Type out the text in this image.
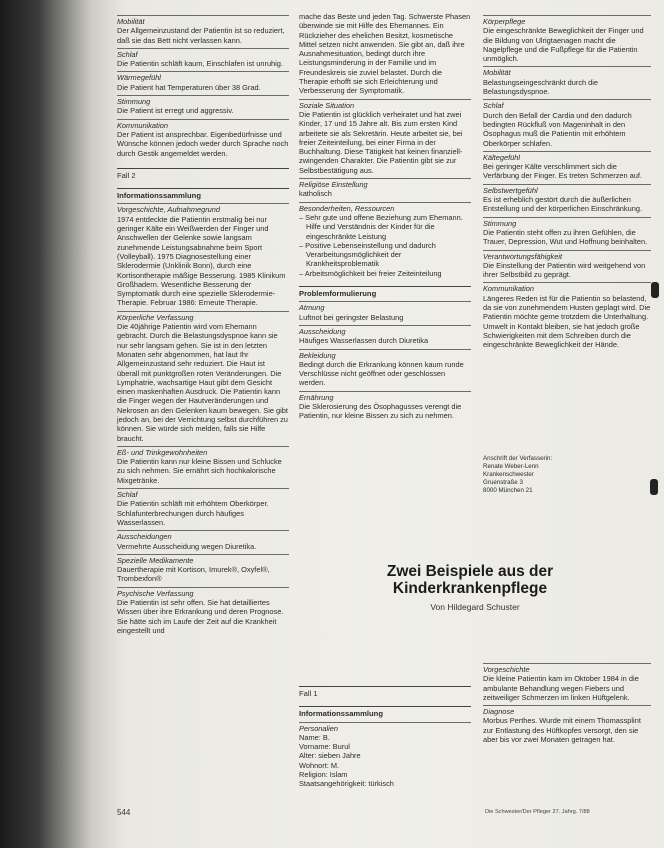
Mobilität

Der Allgemeinzustand der Patientin ist so reduziert, daß sie das Bett nicht verlassen kann.

Schlaf

Die Patientin schläft kaum, Einschlafen ist unruhig.

Wärmegefühl

Die Patient hat Temperaturen über 38 Grad.

Stimmung

Die Patient ist erregt und aggressiv.

Kommunikation

Der Patient ist ansprechbar. Eigenbedürfnisse und Wünsche können jedoch weder durch Sprache noch durch Gestik angemeldet werden.

Fall 2
Informationssammlung
Vorgeschichte, Aufnahmegrund

1974 entdeckte die Patientin erstmalig bei nur geringer Kälte ein Weißwerden der Finger und Anschwellen der Gelenke sowie langsam zunehmende Leistungsabnahme beim Sport (Volleyball). 1975 Diagnosestellung einer Sklerodermie (Unklinik Bonn), durch eine Kortisontherapie mäßige Besserung. 1985 Klinikum Großhadern. Wesentliche Besserung der Symptomatik durch eine spezielle Sklerodermie-Therapie. Februar 1986: Erneute Therapie.

Körperliche Verfassung

Die 40jährige Patientin wird vom Ehemann gebracht. Durch die Belastungsdyspnoe kann sie nur sehr langsam gehen. Sie ist in den letzten Monaten sehr abgenommen, hat laut Ihr Allgemeinzustand sehr reduziert. Die Haut ist überall mit punktgroßen roten Veränderungen. Die Lymphatrie, wachsartige Haut gibt dem Gesicht einen maskenhaften Ausdruck. Die Patientin kann die Finger wegen der Hautveränderungen und Nekrosen an den Gelenken kaum bewegen. Sie gibt jedoch an, bei der Verrichtung selbst durchführen zu können. Sie würde sich melden, falls sie Hilfe braucht.

Eß- und Trinkgewohnheiten

Die Patientin kann nur kleine Bissen und Schlucke zu sich nehmen. Sie ernährt sich hochkalorische Mixgetränke.

Schlaf

Die Patientin schläft mit erhöhtem Oberkörper. Schlafunterbrechungen durch häufiges Wasserlassen.

Ausscheidungen

Vermehrte Ausscheidung wegen Diuretika.

Spezielle Medikamente

Dauertherapie mit Kortison, Imurek®, Oxyfel®, Trombexfon®

Psychische Verfassung

Die Patientin ist sehr offen. Sie hat detailliertes Wissen über ihre Erkrankung und deren Prognose. Sie hätte sich im Laufe der Zeit auf die Krankheit eingestellt und

mache das Beste und jeden Tag. Schwerste Phasen überwinde sie mit Hilfe des Ehemannes. Ein Rückzieher des ehelichen Besitzt, kosmetische Mittel setzen nicht anwenden. Sie gibt an, daß ihre Ausnahmesituation, bedingt durch ihre Leistungsminderung in der Familie und im Freundeskreis sie zuviel belastet. Durch die Therapie erhofft sie sich Erleichterung und Verbesserung der Symptomatik.

Soziale Situation

Die Patientin ist glücklich verheiratet und hat zwei Kinder, 17 und 15 Jahre alt. Bis zum ersten Kind arbeitete sie als Sekretärin. Heute arbeitet sie, bei freier Zeiteinteilung, bei einer Firma in der Buchhaltung. Diese Tätigkeit hat keinen finanziell-zwingenden Charakter. Die Patientin gibt sie zur Selbstbestätigung aus.

Religiöse Einstellung

katholisch

Besonderheiten, Ressourcen
– Sehr gute und offene Beziehung zum Ehemann. Hilfe und Verständnis der Kinder für die eingeschränkte Leistung
– Positive Lebenseinstellung und dadurch Verarbeitungsmöglichkeit der Krankheitsproblematik
– Arbeitsmöglichkeit bei freier Zeiteinteilung
Problemformulierung
Atmung

Luftnot bei geringster Belastung

Ausscheidung

Häufiges Wasserlassen durch Diuretika

Bekleidung

Bedingt durch die Erkrankung können kaum runde Verschlüsse nicht geöffnet oder geschlossen werden.

Ernährung

Die Sklerosierung des Ösophagusses verengt die Patientin, nur kleine Bissen zu sich zu nehmen.

Körperpflege

Die eingeschränkte Beweglichkeit der Finger und die Bildung von Ulrigtaenagen macht die Nagelpflege und die Fußpflege für die Patientin unmöglich.

Mobilität

Belastungseingeschränkt durch die Belastungsdyspnoe.

Schlaf

Durch den Befall der Cardia und den dadurch bedingten Rückfluß von Mageninhalt in den Ösophagus muß die Patientin mit erhöhtem Oberkörper schlafen.

Kältegefühl

Bei geringer Kälte verschlimmert sich die Verfärbung der Finger. Es treten Schmerzen auf.

Selbstwertgefühl

Es ist erheblich gestört durch die äußerlichen Entstellung und der körperlichen Einschränkung.

Stimmung

Die Patientin steht offen zu ihren Gefühlen, die Trauer, Depression, Wut und Hoffnung beinhalten.

Verantwortungsfähigkeit

Die Einstellung der Patientin wird weitgehend von ihrer Selbstbild zu geprägt.

Kommunikation

Längeres Reden ist für die Patientin so belastend, da sie von zunehmendem Husten geplagt wird. Die Patientin möchte gerne trotzdem die Unterhaltung. Umwelt in Kontakt bleiben, sie hat jedoch große Schwierigkeiten mit dem Schreiben durch die eingeschränkte Beweglichkeit der Hände.

Anschrift der Verfasserin:
Renate Weber-Lenn
Krankenschwester
Gruenstraße 3
8000 München 21
Zwei Beispiele aus der Kinderkrankenpflege
Von Hildegard Schuster
Fall 1
Informationssammlung
Personalien
Name: B.
Vorname: Burul
Alter: sieben Jahre
Wohnort: M.
Religion: Islam
Staatsangehörigkeit: türkisch
Vorgeschichte

Die kleine Patientin kam im Oktober 1984 in die ambulante Behandlung wegen Fiebers und zeitweiliger Schmerzen im linken Hüftgelenk.

Diagnose

Morbus Perthes. Wurde mit einem Thomassplint zur Entlastung des Hüftkopfes versorgt, den sie aber bis vor zwei Monaten getragen hat.

544	Die Schwester/Der Pfleger 27. Jahrg. 7/88
